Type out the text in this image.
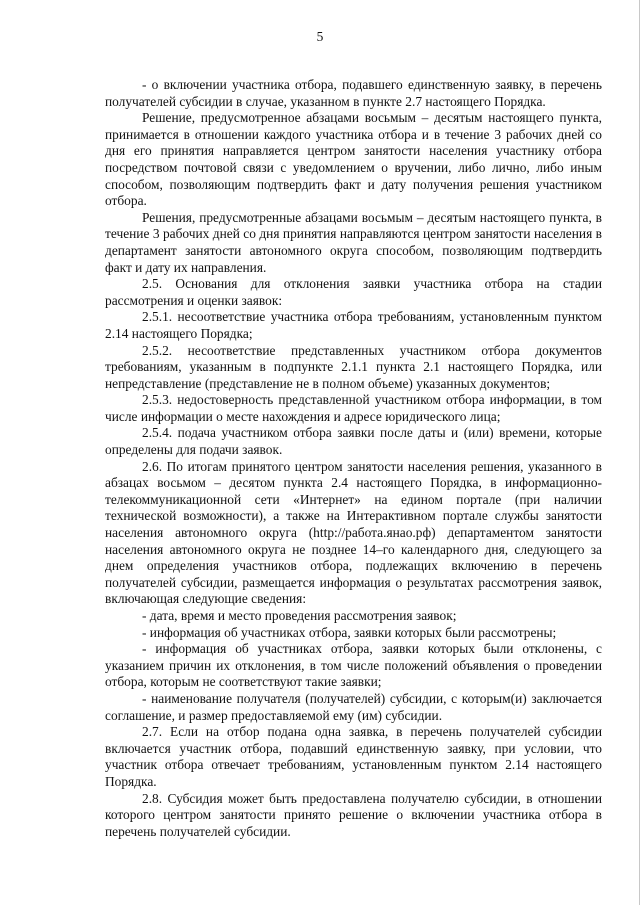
5

- о включении участника отбора, подавшего единственную заявку, в перечень получателей субсидии в случае, указанном в пункте 2.7 настоящего Порядка.

Решение, предусмотренное абзацами восьмым – десятым настоящего пункта, принимается в отношении каждого участника отбора и в течение 3 рабочих дней со дня его принятия направляется центром занятости населения участнику отбора посредством почтовой связи с уведомлением о вручении, либо лично, либо иным способом, позволяющим подтвердить факт и дату получения решения участником отбора.

Решения, предусмотренные абзацами восьмым – десятым настоящего пункта, в течение 3 рабочих дней со дня принятия направляются центром занятости населения в департамент занятости автономного округа способом, позволяющим подтвердить факт и дату их направления.

2.5. Основания для отклонения заявки участника отбора на стадии рассмотрения и оценки заявок:

2.5.1. несоответствие участника отбора требованиям, установленным пунктом 2.14 настоящего Порядка;

2.5.2. несоответствие представленных участником отбора документов требованиям, указанным в подпункте 2.1.1 пункта 2.1 настоящего Порядка, или непредставление (представление не в полном объеме) указанных документов;

2.5.3. недостоверность представленной участником отбора информации, в том числе информации о месте нахождения и адресе юридического лица;

2.5.4. подача участником отбора заявки после даты и (или) времени, которые определены для подачи заявок.

2.6. По итогам принятого центром занятости населения решения, указанного в абзацах восьмом – десятом пункта 2.4 настоящего Порядка, в информационно-телекоммуникационной сети «Интернет» на едином портале (при наличии технической возможности), а также на Интерактивном портале службы занятости населения автономного округа (http://работа.янао.рф) департаментом занятости населения автономного округа не позднее 14–го календарного дня, следующего за днем определения участников отбора, подлежащих включению в перечень получателей субсидии, размещается информация о результатах рассмотрения заявок, включающая следующие сведения:

- дата, время и место проведения рассмотрения заявок;

- информация об участниках отбора, заявки которых были рассмотрены;

- информация об участниках отбора, заявки которых были отклонены, с указанием причин их отклонения, в том числе положений объявления о проведении отбора, которым не соответствуют такие заявки;

- наименование получателя (получателей) субсидии, с которым(и) заключается соглашение, и размер предоставляемой ему (им) субсидии.

2.7. Если на отбор подана одна заявка, в перечень получателей субсидии включается участник отбора, подавший единственную заявку, при условии, что участник отбора отвечает требованиям, установленным пунктом 2.14 настоящего Порядка.

2.8. Субсидия может быть предоставлена получателю субсидии, в отношении которого центром занятости принято решение о включении участника отбора в перечень получателей субсидии.
